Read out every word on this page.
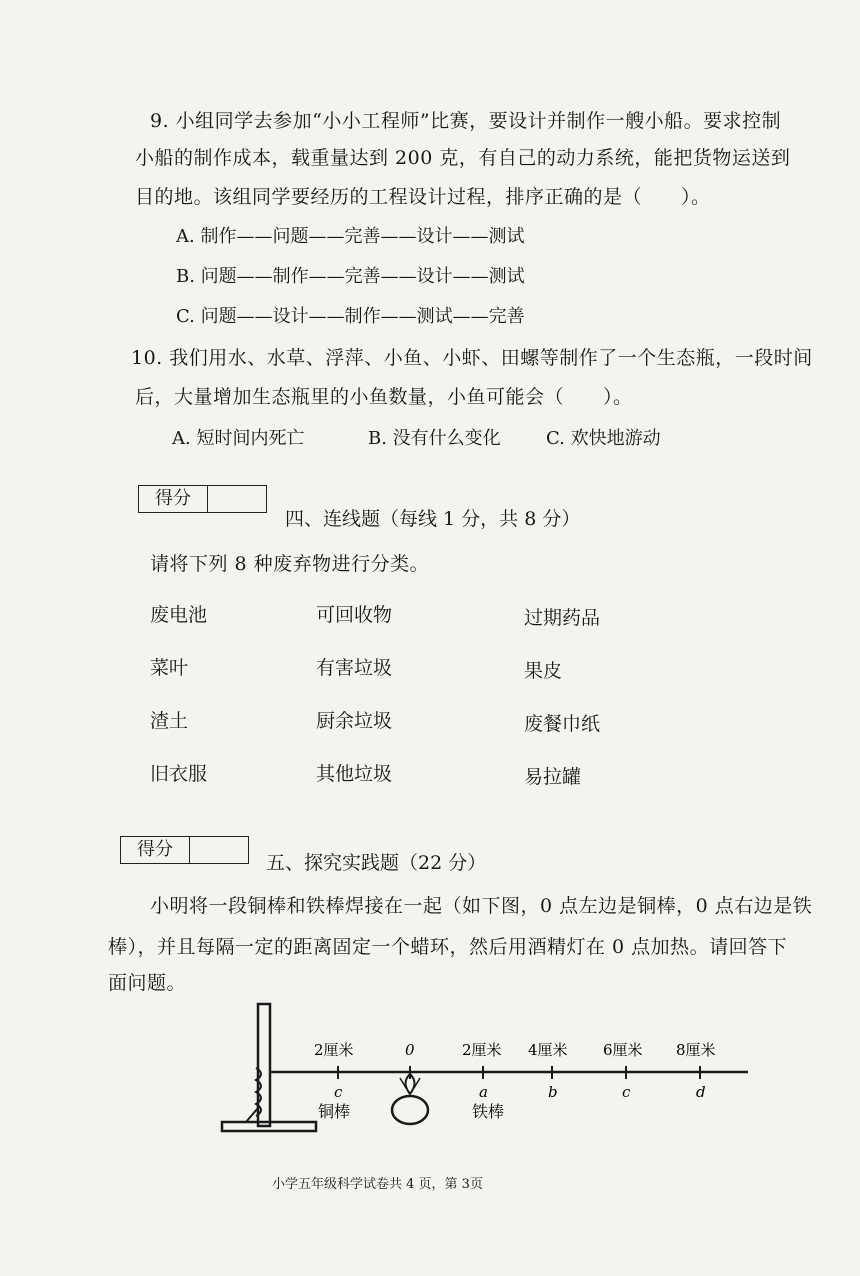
9. 小组同学去参加“小小工程师”比赛，要设计并制作一艘小船。要求控制
小船的制作成本，载重量达到 200 克，有自己的动力系统，能把货物运送到
目的地。该组同学要经历的工程设计过程，排序正确的是（　　）。
A. 制作——问题——完善——设计——测试
B. 问题——制作——完善——设计——测试
C. 问题——设计——制作——测试——完善
10. 我们用水、水草、浮萍、小鱼、小虾、田螺等制作了一个生态瓶，一段时间
后，大量增加生态瓶里的小鱼数量，小鱼可能会（　　）。
A. 短时间内死亡	B. 没有什么变化	C. 欢快地游动
得分
四、连线题（每线 1 分，共 8 分）
请将下列 8 种废弃物进行分类。
废电池	可回收物	过期药品
菜叶	有害垃圾	果皮
渣土	厨余垃圾	废餐巾纸
旧衣服	其他垃圾	易拉罐
得分
五、探究实践题（22 分）
小明将一段铜棒和铁棒焊接在一起（如下图，0 点左边是铜棒，0 点右边是铁
棒），并且每隔一定的距离固定一个蜡环，然后用酒精灯在 0 点加热。请回答下
面问题。
2厘米	0	2厘米 4厘米 6厘米 8厘米
c	a	b	c	d
铜棒	铁棒
小学五年级科学试卷共 4 页，第 3页
